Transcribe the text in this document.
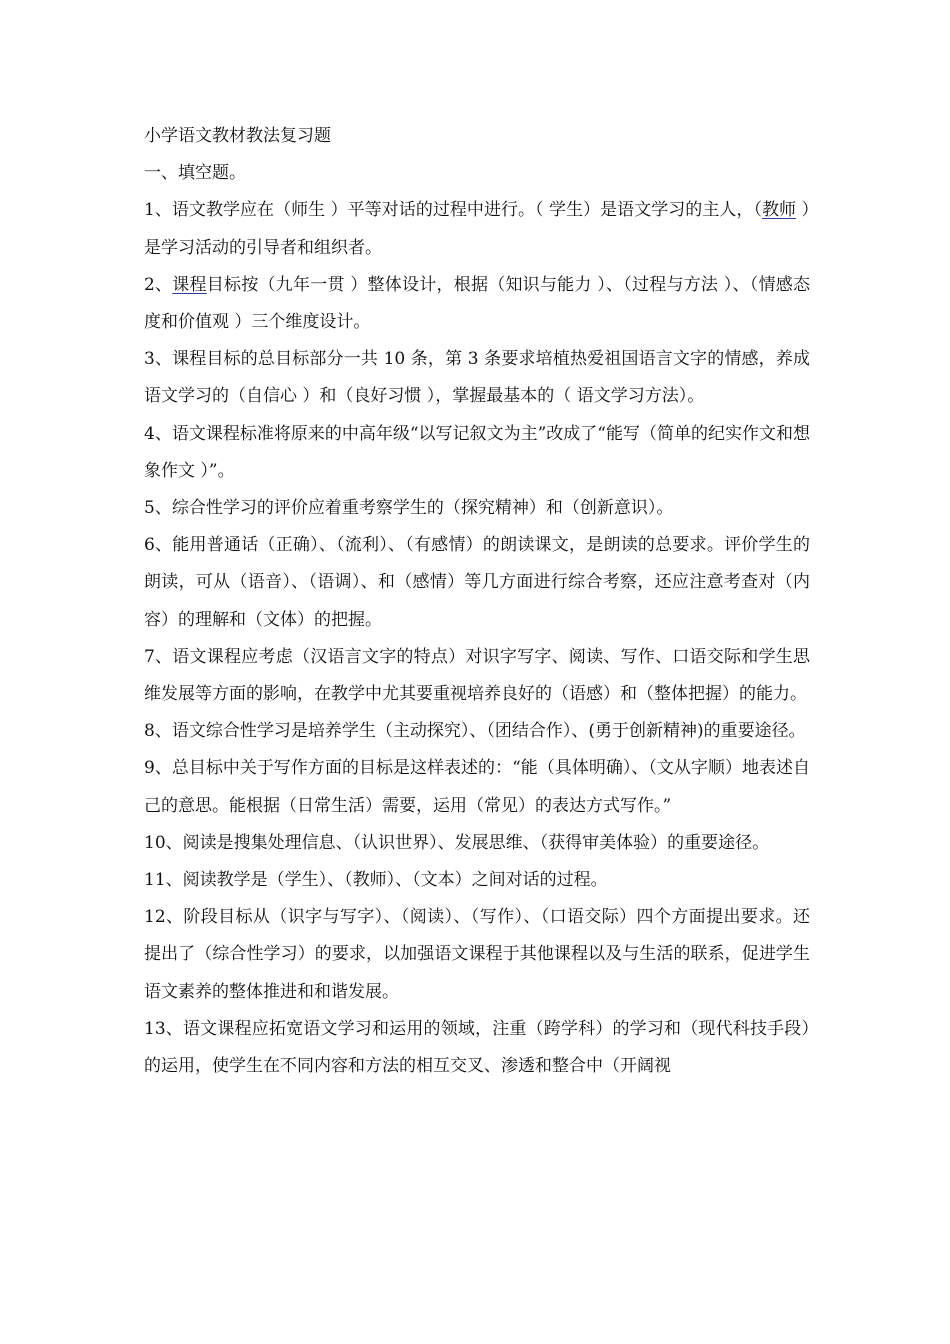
小学语文教材教法复习题

一、填空题。

1、语文教学应在（师生 ）平等对话的过程中进行。（ 学生）是语文学习的主人，（教师 ）是学习活动的引导者和组织者。

2、课程目标按（九年一贯 ）整体设计，根据（知识与能力 ）、（过程与方法 ）、（情感态度和价值观 ）三个维度设计。

3、课程目标的总目标部分一共 10 条，第 3 条要求培植热爱祖国语言文字的情感，养成语文学习的（自信心 ）和（良好习惯 ），掌握最基本的（ 语文学习方法）。

4、语文课程标准将原来的中高年级“以写记叙文为主”改成了“能写（简单的纪实作文和想象作文 ）”。

5、综合性学习的评价应着重考察学生的（探究精神）和（创新意识）。

6、能用普通话（正确）、（流利）、（有感情）的朗读课文，是朗读的总要求。评价学生的朗读，可从（语音）、（语调）、和（感情）等几方面进行综合考察，还应注意考查对（内容）的理解和（文体）的把握。

7、语文课程应考虑（汉语言文字的特点）对识字写字、阅读、写作、口语交际和学生思维发展等方面的影响，在教学中尤其要重视培养良好的（语感）和（整体把握）的能力。

8、语文综合性学习是培养学生（主动探究）、（团结合作）、(勇于创新精神)的重要途径。

9、总目标中关于写作方面的目标是这样表述的：“能（具体明确）、（文从字顺）地表述自己的意思。能根据（日常生活）需要，运用（常见）的表达方式写作。”

10、阅读是搜集处理信息、（认识世界）、发展思维、（获得审美体验）的重要途径。

11、阅读教学是（学生）、（教师）、（文本）之间对话的过程。

12、阶段目标从（识字与写字）、（阅读）、（写作）、（口语交际）四个方面提出要求。还提出了（综合性学习）的要求，以加强语文课程于其他课程以及与生活的联系，促进学生语文素养的整体推进和和谐发展。

13、语文课程应拓宽语文学习和运用的领域，注重（跨学科）的学习和（现代科技手段）的运用，使学生在不同内容和方法的相互交叉、渗透和整合中（开阔视
